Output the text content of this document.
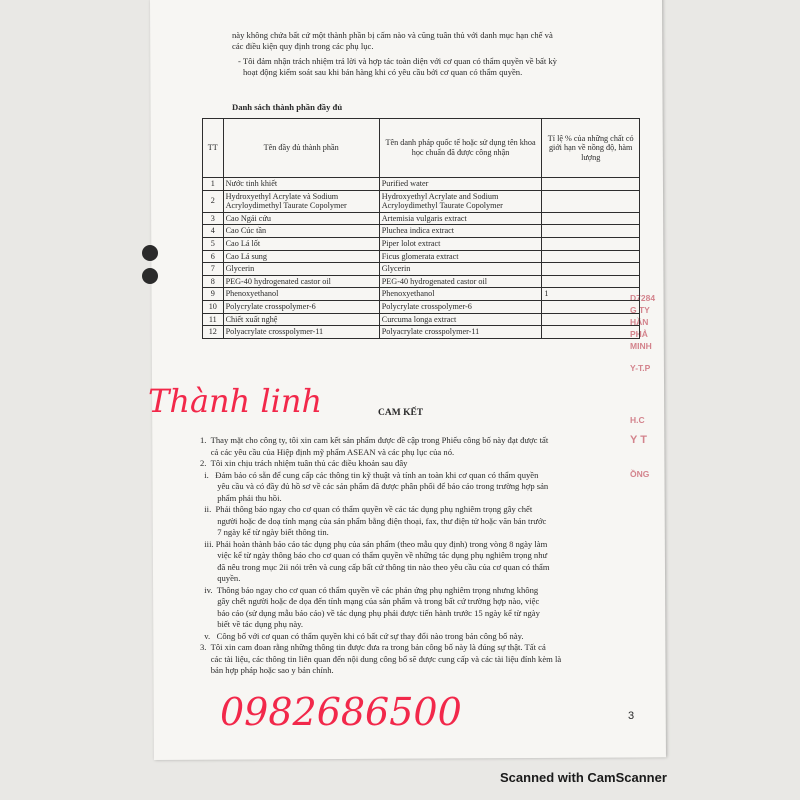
D7284
G TY
HẦN
PHẢ
MINH
Y-T.P
H.C
Y T
ỒNG
này không chứa bất cứ một thành phần bị cấm nào và cũng tuân thủ với danh mục hạn chế và
các điều kiện quy định trong các phụ lục.
- Tôi đảm nhận trách nhiệm trả lời và hợp tác toàn diện với cơ quan có thẩm quyền về bất kỳ
hoạt động kiểm soát sau khi bán hàng khi có yêu cầu bởi cơ quan có thẩm quyền.
Danh sách thành phần đầy đủ
TT	Tên đầy đủ thành phần	Tên danh pháp quốc tế hoặc sử dụng tên khoa học chuẩn đã được công nhận	Tỉ lệ % của những chất có giới hạn về nồng độ, hàm lượng
1	Nước tinh khiết	Purified water	
2	Hydroxyethyl Acrylate và Sodium Acryloydimethyl Taurate Copolymer	Hydroxyethyl Acrylate and Sodium Acryloydimethyl Taurate Copolymer	
3	Cao Ngải cứu	Artemisia vulgaris extract	
4	Cao Cúc tần	Pluchea indica extract	
5	Cao Lá lốt	Piper lolot extract	
6	Cao Lá sung	Ficus glomerata extract	
7	Glycerin	Glycerin	
8	PEG-40 hydrogenated castor oil	PEG-40 hydrogenated castor oil	
9	Phenoxyethanol	Phenoxyethanol	1
10	Polycrylate crosspolymer-6	Polycrylate crosspolymer-6	
11	Chiết xuất nghệ	Curcuma longa extract	
12	Polyacrylate crosspolymer-11	Polyacrylate crosspolymer-11	
Thành linh	CAM KẾT
1.  Thay mặt cho công ty, tôi xin cam kết sản phẩm được đề cập trong Phiếu công bố này đạt được tất
cả các yêu cầu của Hiệp định mỹ phẩm ASEAN và các phụ lục của nó.
2.  Tôi xin chịu trách nhiệm tuân thủ các điều khoản sau đây
i.   Đảm bảo có sẵn để cung cấp các thông tin kỹ thuật và tính an toàn khi cơ quan có thẩm quyền
yêu cầu và có đầy đủ hồ sơ về các sản phẩm đã được phân phối để báo cáo trong trường hợp sản
phẩm phải thu hồi.
ii.  Phải thông báo ngay cho cơ quan có thẩm quyền về các tác dụng phụ nghiêm trọng gây chết
người hoặc đe doạ tính mạng của sản phẩm bằng điện thoại, fax, thư điện tử hoặc văn bản trước
7 ngày kể từ ngày biết thông tin.
iii. Phải hoàn thành báo cáo tác dụng phụ của sản phẩm (theo mẫu quy định) trong vòng 8 ngày làm
việc kể từ ngày thông báo cho cơ quan có thẩm quyền về những tác dụng phụ nghiêm trọng như
đã nêu trong mục 2ii nói trên và cung cấp bất cứ thông tin nào theo yêu cầu của cơ quan có thẩm
quyền.
iv.  Thông báo ngay cho cơ quan có thẩm quyền về các phản ứng phụ nghiêm trọng nhưng không
gây chết người hoặc đe dọa đến tính mạng của sản phẩm và trong bất cứ trường hợp nào, việc
báo cáo (sử dụng mẫu báo cáo) về tác dụng phụ phải được tiến hành trước 15 ngày kể từ ngày
biết về tác dụng phụ này.
v.   Công bố với cơ quan có thẩm quyền khi có bất cứ sự thay đổi nào trong bản công bố này.
3.  Tôi xin cam đoan rằng những thông tin được đưa ra trong bản công bố này là đúng sự thật. Tất cả
các tài liệu, các thông tin liên quan đến nội dung công bố sẽ được cung cấp và các tài liệu đính kèm là
bản hợp pháp hoặc sao y bản chính.
0982686500	3
Scanned with CamScanner
